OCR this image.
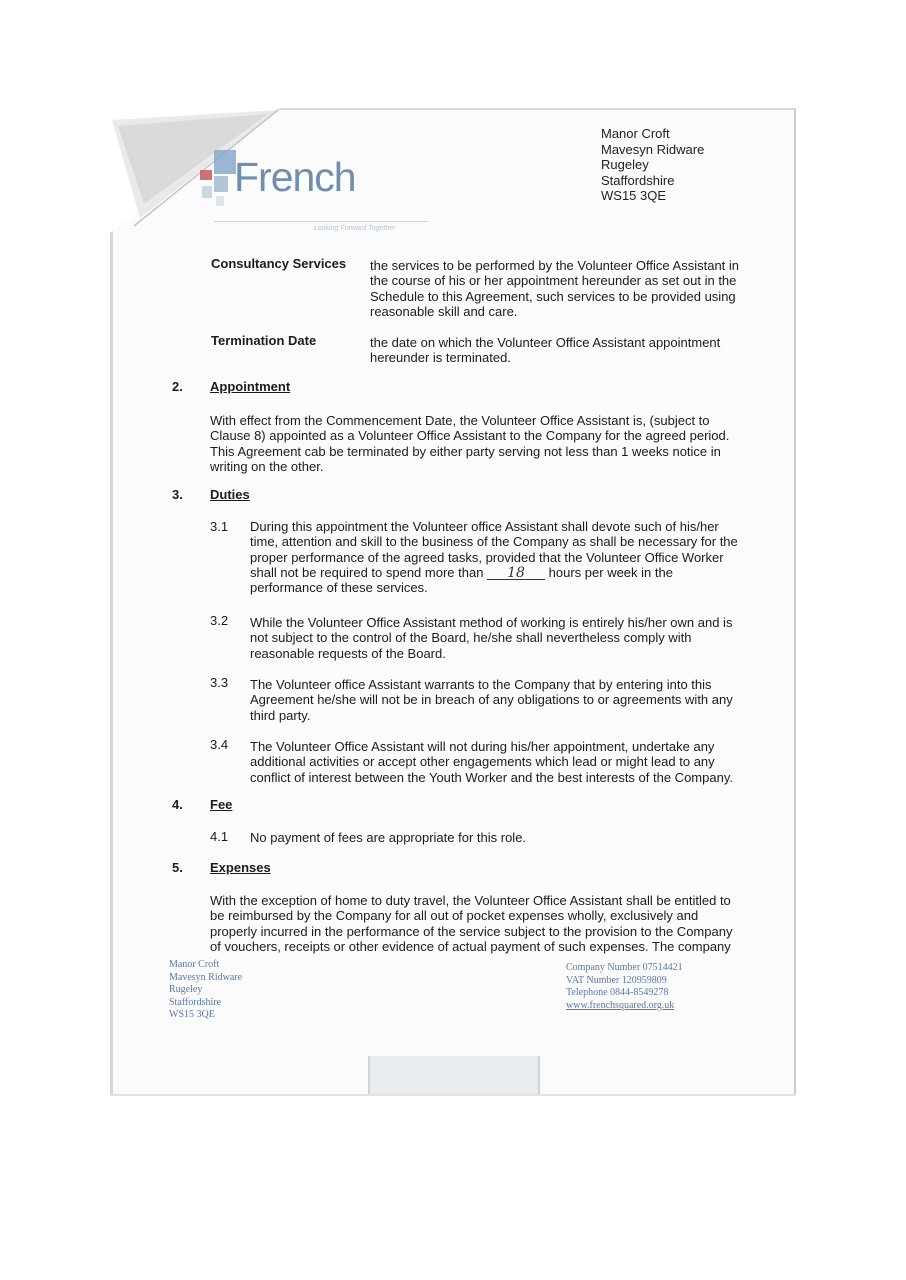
French
Looking Forward Together
Manor Croft
Mavesyn Ridware
Rugeley
Staffordshire
WS15 3QE
Consultancy Services the services to be performed by the Volunteer Office Assistant in
the course of his or her appointment hereunder as set out in the
Schedule to this Agreement, such services to be provided using
reasonable skill and care.
Termination Date	the date on which the Volunteer Office Assistant appointment
hereunder is terminated.
2. Appointment
With effect from the Commencement Date, the Volunteer Office Assistant is, (subject to
Clause 8) appointed as a Volunteer Office Assistant to the Company for the agreed period.
This Agreement cab be terminated by either party serving not less than 1 weeks notice in
writing on the other.
3. Duties
3.1 During this appointment the Volunteer office Assistant shall devote such of his/her
time, attention and skill to the business of the Company as shall be necessary for the
proper performance of the agreed tasks, provided that the Volunteer Office Worker
shall not be required to spend more than 18 hours per week in the
performance of these services.
3.2 While the Volunteer Office Assistant method of working is entirely his/her own and is
not subject to the control of the Board, he/she shall nevertheless comply with
reasonable requests of the Board.
3.3 The Volunteer office Assistant warrants to the Company that by entering into this
Agreement he/she will not be in breach of any obligations to or agreements with any
third party.
3.4 The Volunteer Office Assistant will not during his/her appointment, undertake any
additional activities or accept other engagements which lead or might lead to any
conflict of interest between the Youth Worker and the best interests of the Company.
4. Fee
4.1 No payment of fees are appropriate for this role.
5. Expenses
With the exception of home to duty travel, the Volunteer Office Assistant shall be entitled to
be reimbursed by the Company for all out of pocket expenses wholly, exclusively and
properly incurred in the performance of the service subject to the provision to the Company
of vouchers, receipts or other evidence of actual payment of such expenses. The company
Manor Croft
Mavesyn Ridware
Rugeley
Staffordshire
WS15 3QE
Company Number 07514421
VAT Number 120959809
Telephone 0844-8549278
www.frenchsquared.org.uk
